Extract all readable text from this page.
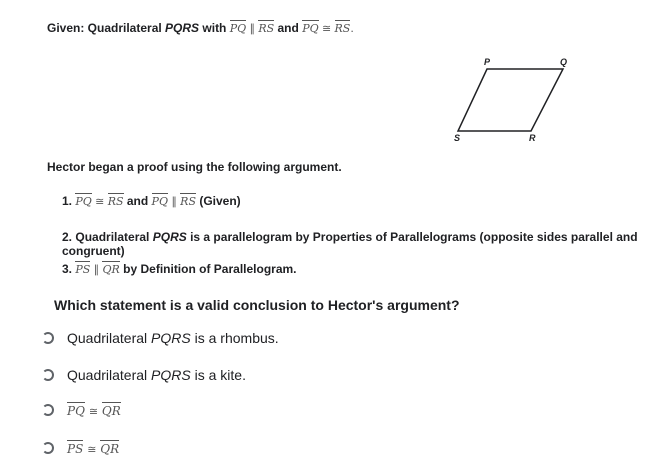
Given: Quadrilateral PQRS with PQ ∥ RS and PQ ≅ RS.
P	Q
R
S
Hector began a proof using the following argument.
1. PQ ≅ RS and PQ ∥ RS (Given)
2. Quadrilateral PQRS is a parallelogram by Properties of Parallelograms (opposite sides parallel and congruent)
3. PS ∥ QR by Definition of Parallelogram.
Which statement is a valid conclusion to Hector's argument?
Quadrilateral PQRS is a rhombus.
Quadrilateral PQRS is a kite.
PQ ≅ QR
PS ≅ QR
